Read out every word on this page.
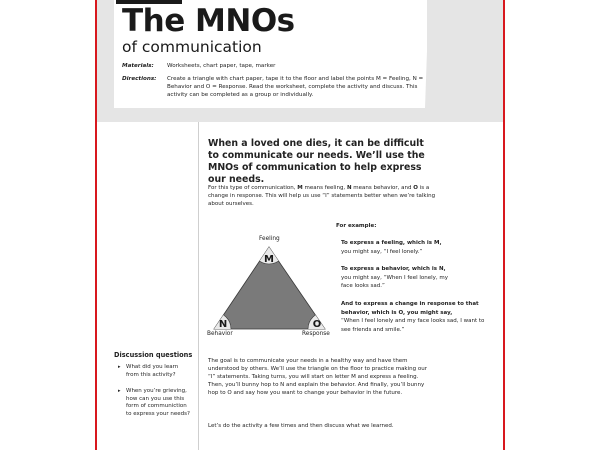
The MNOs
of communication
Materials:	Worksheets, chart paper, tape, marker
Directions:	Create a triangle with chart paper, tape it to the floor and label the points M = Feeling, N = Behavior and O = Response. Read the worksheet, complete the activity and discuss. This activity can be completed as a group or individually.
When a loved one dies, it can be difficult to communicate our needs. We’ll use the MNOs of communication to help express our needs.
For this type of communication, M means feeling, N means behavior, and O is a change in response. This will help us use “I” statements better when we’re talking about ourselves.
M
N	O
Feeling
Behavior	Response
For example:
To express a feeling, which is M,
you might say, “I feel lonely.”
To express a behavior, which is N,
you might say, “When I feel lonely, my face looks sad.”
And to express a change in response to that behavior, which is O, you might say,
“When I feel lonely and my face looks sad, I want to see friends and smile.”
Discussion questions
▸ What did you learn from this activity?
▸ When you’re grieving, how can you use this form of communiction to express your needs?
The goal is to communicate your needs in a healthy way and have them understood by others. We’ll use the triangle on the floor to practice making our “I” statements. Taking turns, you will start on letter M and express a feeling. Then, you’ll bunny hop to N and explain the behavior. And finally, you’ll bunny hop to O and say how you want to change your behavior in the future.
Let’s do the activity a few times and then discuss what we learned.
